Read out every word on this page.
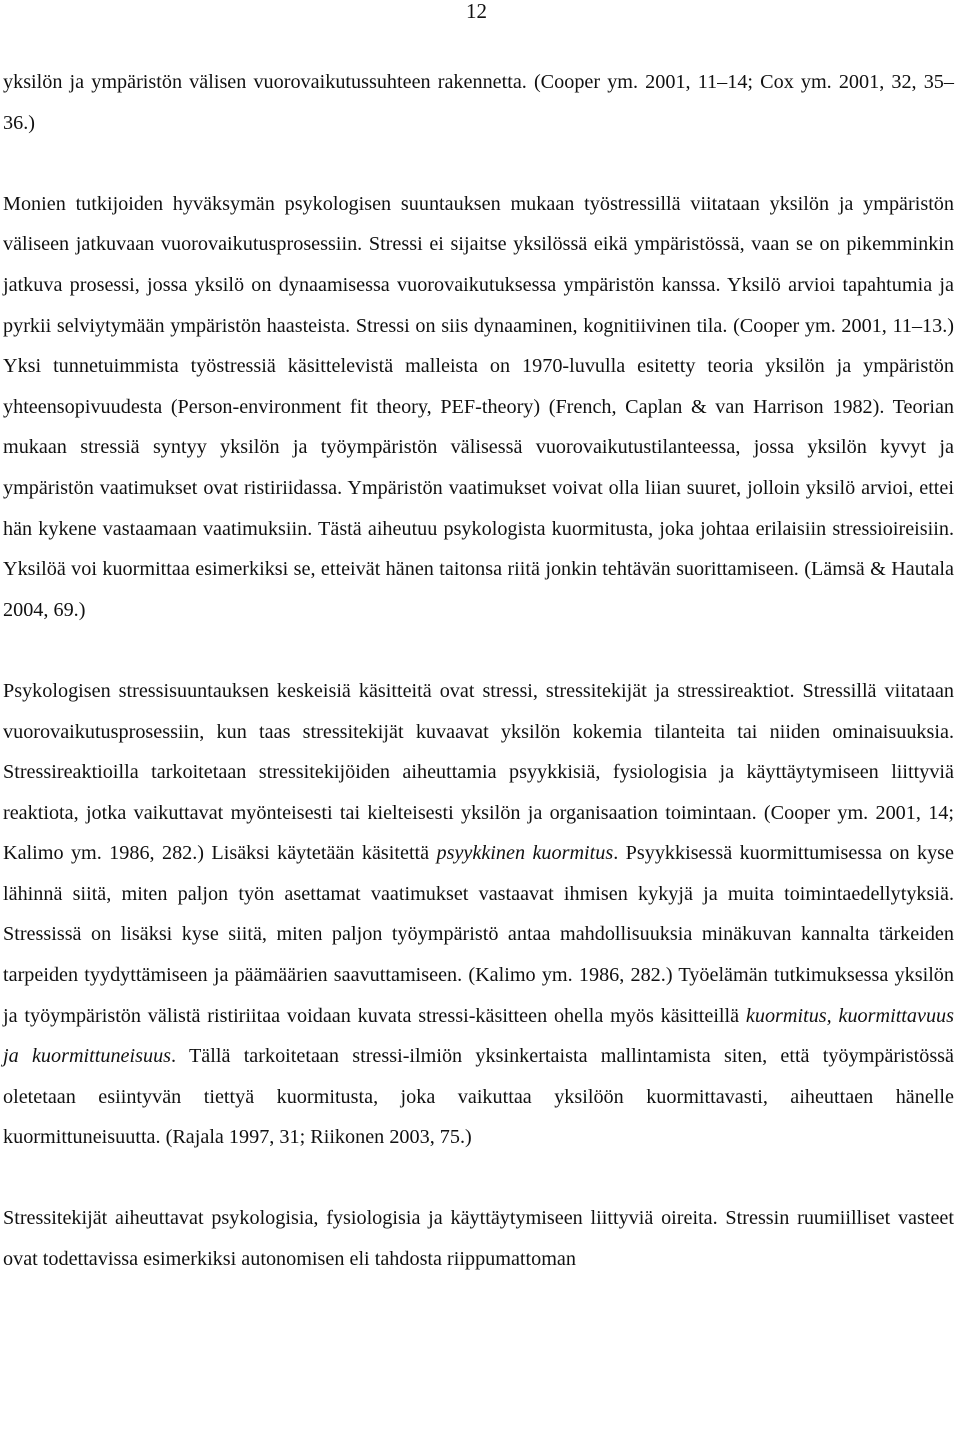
12

yksilön ja ympäristön välisen vuorovaikutussuhteen rakennetta. (Cooper ym. 2001, 11–14; Cox ym. 2001, 32, 35–36.)

Monien tutkijoiden hyväksymän psykologisen suuntauksen mukaan työstressillä viitataan yksilön ja ympäristön väliseen jatkuvaan vuorovaikutusprosessiin. Stressi ei sijaitse yksilössä eikä ympäristössä, vaan se on pikemminkin jatkuva prosessi, jossa yksilö on dynaamisessa vuorovaikutuksessa ympäristön kanssa. Yksilö arvioi tapahtumia ja pyrkii selviytymään ympäristön haasteista. Stressi on siis dynaaminen, kognitiivinen tila. (Cooper ym. 2001, 11–13.) Yksi tunnetuimmista työstressiä käsittelevistä malleista on 1970-luvulla esitetty teoria yksilön ja ympäristön yhteensopivuudesta (Person-environment fit theory, PEF-theory) (French, Caplan & van Harrison 1982). Teorian mukaan stressiä syntyy yksilön ja työympäristön välisessä vuorovaikutustilanteessa, jossa yksilön kyvyt ja ympäristön vaatimukset ovat ristiriidassa. Ympäristön vaatimukset voivat olla liian suuret, jolloin yksilö arvioi, ettei hän kykene vastaamaan vaatimuksiin. Tästä aiheutuu psykologista kuormitusta, joka johtaa erilaisiin stressioireisiin. Yksilöä voi kuormittaa esimerkiksi se, etteivät hänen taitonsa riitä jonkin tehtävän suorittamiseen. (Lämsä & Hautala 2004, 69.)

Psykologisen stressisuuntauksen keskeisiä käsitteitä ovat stressi, stressitekijät ja stressireaktiot. Stressillä viitataan vuorovaikutusprosessiin, kun taas stressitekijät kuvaavat yksilön kokemia tilanteita tai niiden ominaisuuksia. Stressireaktioilla tarkoitetaan stressitekijöiden aiheuttamia psyykkisiä, fysiologisia ja käyttäytymiseen liittyviä reaktiota, jotka vaikuttavat myönteisesti tai kielteisesti yksilön ja organisaation toimintaan. (Cooper ym. 2001, 14; Kalimo ym. 1986, 282.) Lisäksi käytetään käsitettä psyykkinen kuormitus. Psyykkisessä kuormittumisessa on kyse lähinnä siitä, miten paljon työn asettamat vaatimukset vastaavat ihmisen kykyjä ja muita toimintaedellytyksiä. Stressissä on lisäksi kyse siitä, miten paljon työympäristö antaa mahdollisuuksia minäkuvan kannalta tärkeiden tarpeiden tyydyttämiseen ja päämäärien saavuttamiseen. (Kalimo ym. 1986, 282.) Työelämän tutkimuksessa yksilön ja työympäristön välistä ristiriitaa voidaan kuvata stressi-käsitteen ohella myös käsitteillä kuormitus, kuormittavuus ja kuormittuneisuus. Tällä tarkoitetaan stressi-ilmiön yksinkertaista mallintamista siten, että työympäristössä oletetaan esiintyvän tiettyä kuormitusta, joka vaikuttaa yksilöön kuormittavasti, aiheuttaen hänelle kuormittuneisuutta. (Rajala 1997, 31; Riikonen 2003, 75.)

Stressitekijät aiheuttavat psykologisia, fysiologisia ja käyttäytymiseen liittyviä oireita. Stressin ruumiilliset vasteet ovat todettavissa esimerkiksi autonomisen eli tahdosta riippumattoman
